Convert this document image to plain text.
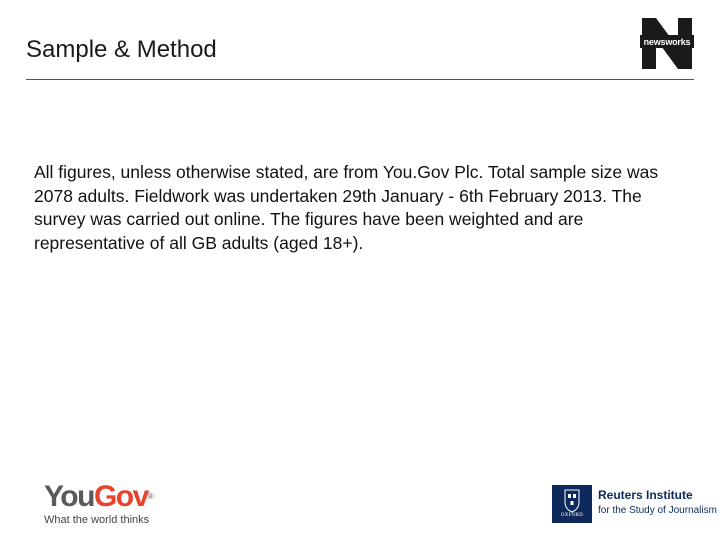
Sample & Method	newsworks

All figures, unless otherwise stated, are from You.Gov Plc. Total sample size was 2078 adults. Fieldwork was undertaken 29th January - 6th February 2013. The survey was carried out online. The figures have been weighted and are representative of all GB adults (aged 18+).

YouGov®
What the world thinks	OXFORD
Reuters Institute
for the Study of Journalism
